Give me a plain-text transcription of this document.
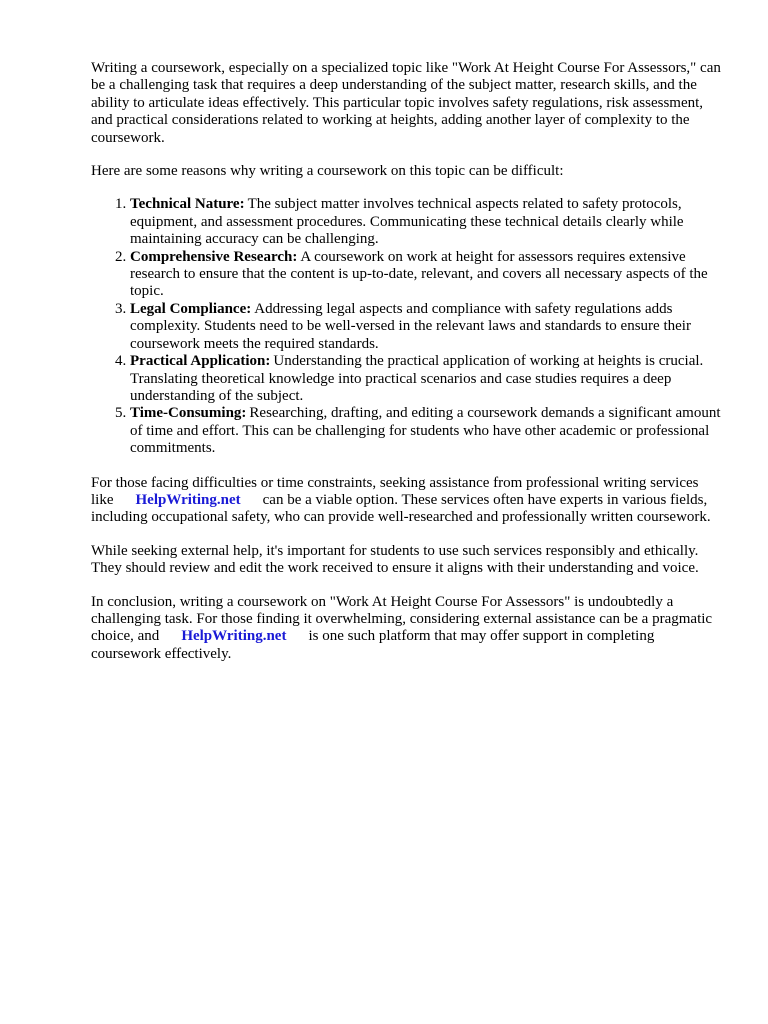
Writing a coursework, especially on a specialized topic like "Work At Height Course For Assessors," can be a challenging task that requires a deep understanding of the subject matter, research skills, and the ability to articulate ideas effectively. This particular topic involves safety regulations, risk assessment, and practical considerations related to working at heights, adding another layer of complexity to the coursework.

Here are some reasons why writing a coursework on this topic can be difficult:

1. Technical Nature: The subject matter involves technical aspects related to safety protocols, equipment, and assessment procedures. Communicating these technical details clearly while maintaining accuracy can be challenging.
2. Comprehensive Research: A coursework on work at height for assessors requires extensive research to ensure that the content is up-to-date, relevant, and covers all necessary aspects of the topic.
3. Legal Compliance: Addressing legal aspects and compliance with safety regulations adds complexity. Students need to be well-versed in the relevant laws and standards to ensure their coursework meets the required standards.
4. Practical Application: Understanding the practical application of working at heights is crucial. Translating theoretical knowledge into practical scenarios and case studies requires a deep understanding of the subject.
5. Time-Consuming: Researching, drafting, and editing a coursework demands a significant amount of time and effort. This can be challenging for students who have other academic or professional commitments.

For those facing difficulties or time constraints, seeking assistance from professional writing services like HelpWriting.net can be a viable option. These services often have experts in various fields, including occupational safety, who can provide well-researched and professionally written coursework.

While seeking external help, it's important for students to use such services responsibly and ethically. They should review and edit the work received to ensure it aligns with their understanding and voice.

In conclusion, writing a coursework on "Work At Height Course For Assessors" is undoubtedly a challenging task. For those finding it overwhelming, considering external assistance can be a pragmatic choice, and HelpWriting.net is one such platform that may offer support in completing coursework effectively.
